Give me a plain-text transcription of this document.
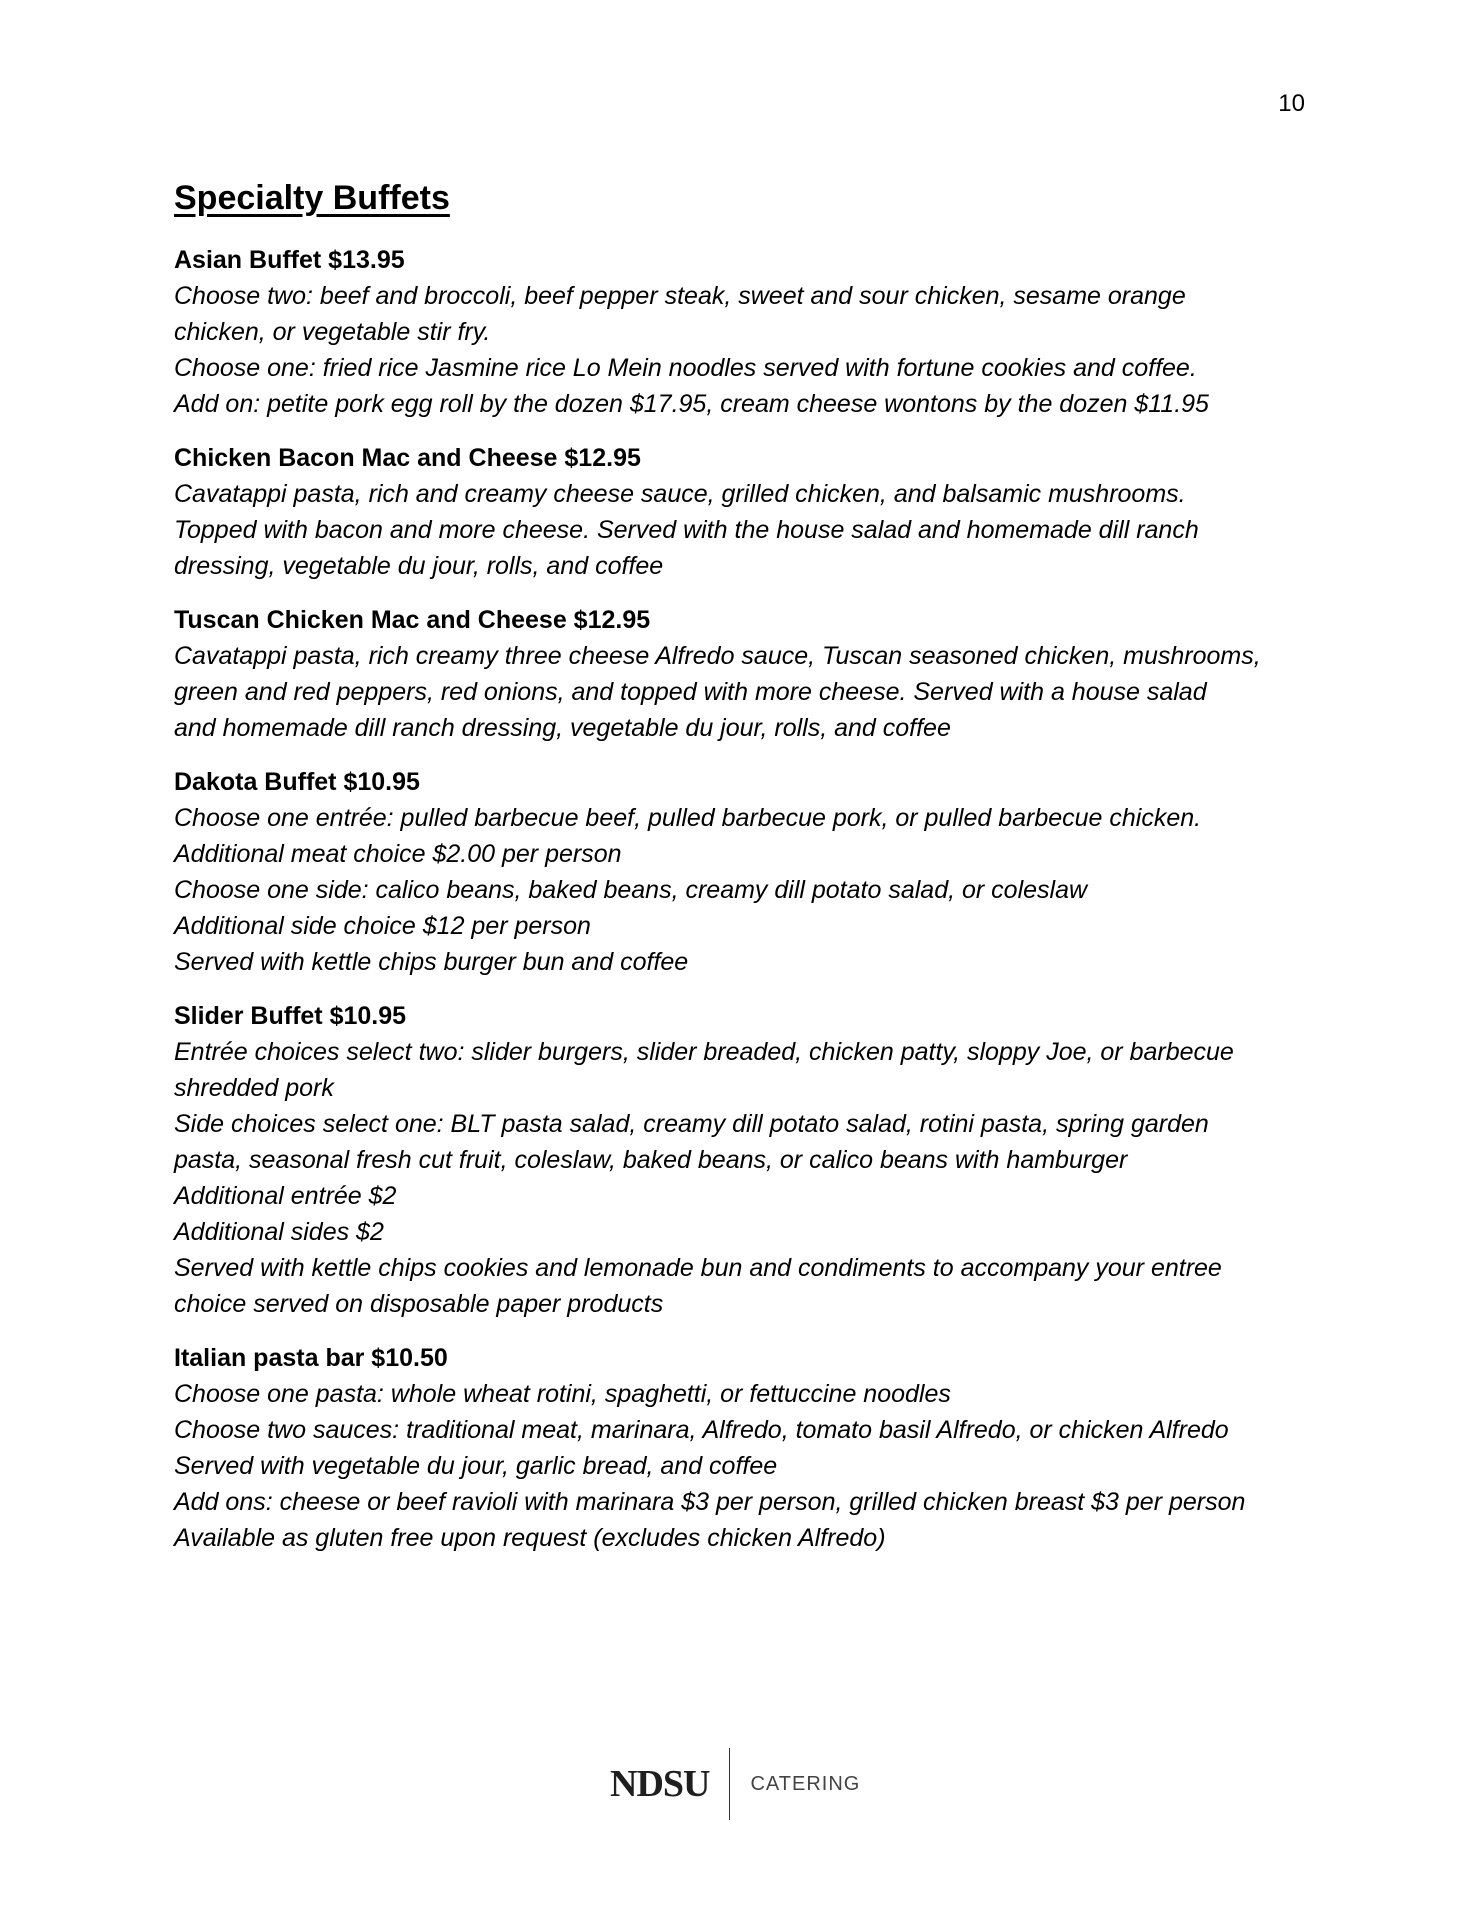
10
Specialty Buffets

Asian Buffet $13.95

Choose two: beef and broccoli, beef pepper steak, sweet and sour chicken, sesame orange

chicken, or vegetable stir fry.

Choose one: fried rice Jasmine rice Lo Mein noodles served with fortune cookies and coffee.

Add on: petite pork egg roll by the dozen $17.95, cream cheese wontons by the dozen $11.95

Chicken Bacon Mac and Cheese $12.95

Cavatappi pasta, rich and creamy cheese sauce, grilled chicken, and balsamic mushrooms.

Topped with bacon and more cheese. Served with the house salad and homemade dill ranch

dressing, vegetable du jour, rolls, and coffee

Tuscan Chicken Mac and Cheese $12.95

Cavatappi pasta, rich creamy three cheese Alfredo sauce, Tuscan seasoned chicken, mushrooms,

green and red peppers, red onions, and topped with more cheese. Served with a house salad

and homemade dill ranch dressing, vegetable du jour, rolls, and coffee

Dakota Buffet $10.95

Choose one entrée: pulled barbecue beef, pulled barbecue pork, or pulled barbecue chicken.

Additional meat choice $2.00 per person

Choose one side: calico beans, baked beans, creamy dill potato salad, or coleslaw

Additional side choice $12 per person

Served with kettle chips burger bun and coffee

Slider Buffet $10.95

Entrée choices select two: slider burgers, slider breaded, chicken patty, sloppy Joe, or barbecue

shredded pork

Side choices select one: BLT pasta salad, creamy dill potato salad, rotini pasta, spring garden

pasta, seasonal fresh cut fruit, coleslaw, baked beans, or calico beans with hamburger

Additional entrée $2

Additional sides $2

Served with kettle chips cookies and lemonade bun and condiments to accompany your entree

choice served on disposable paper products

Italian pasta bar $10.50

Choose one pasta: whole wheat rotini, spaghetti, or fettuccine noodles

Choose two sauces: traditional meat, marinara, Alfredo, tomato basil Alfredo, or chicken Alfredo

Served with vegetable du jour, garlic bread, and coffee

Add ons: cheese or beef ravioli with marinara $3 per person, grilled chicken breast $3 per person

Available as gluten free upon request (excludes chicken Alfredo)

NDSU	CATERING
